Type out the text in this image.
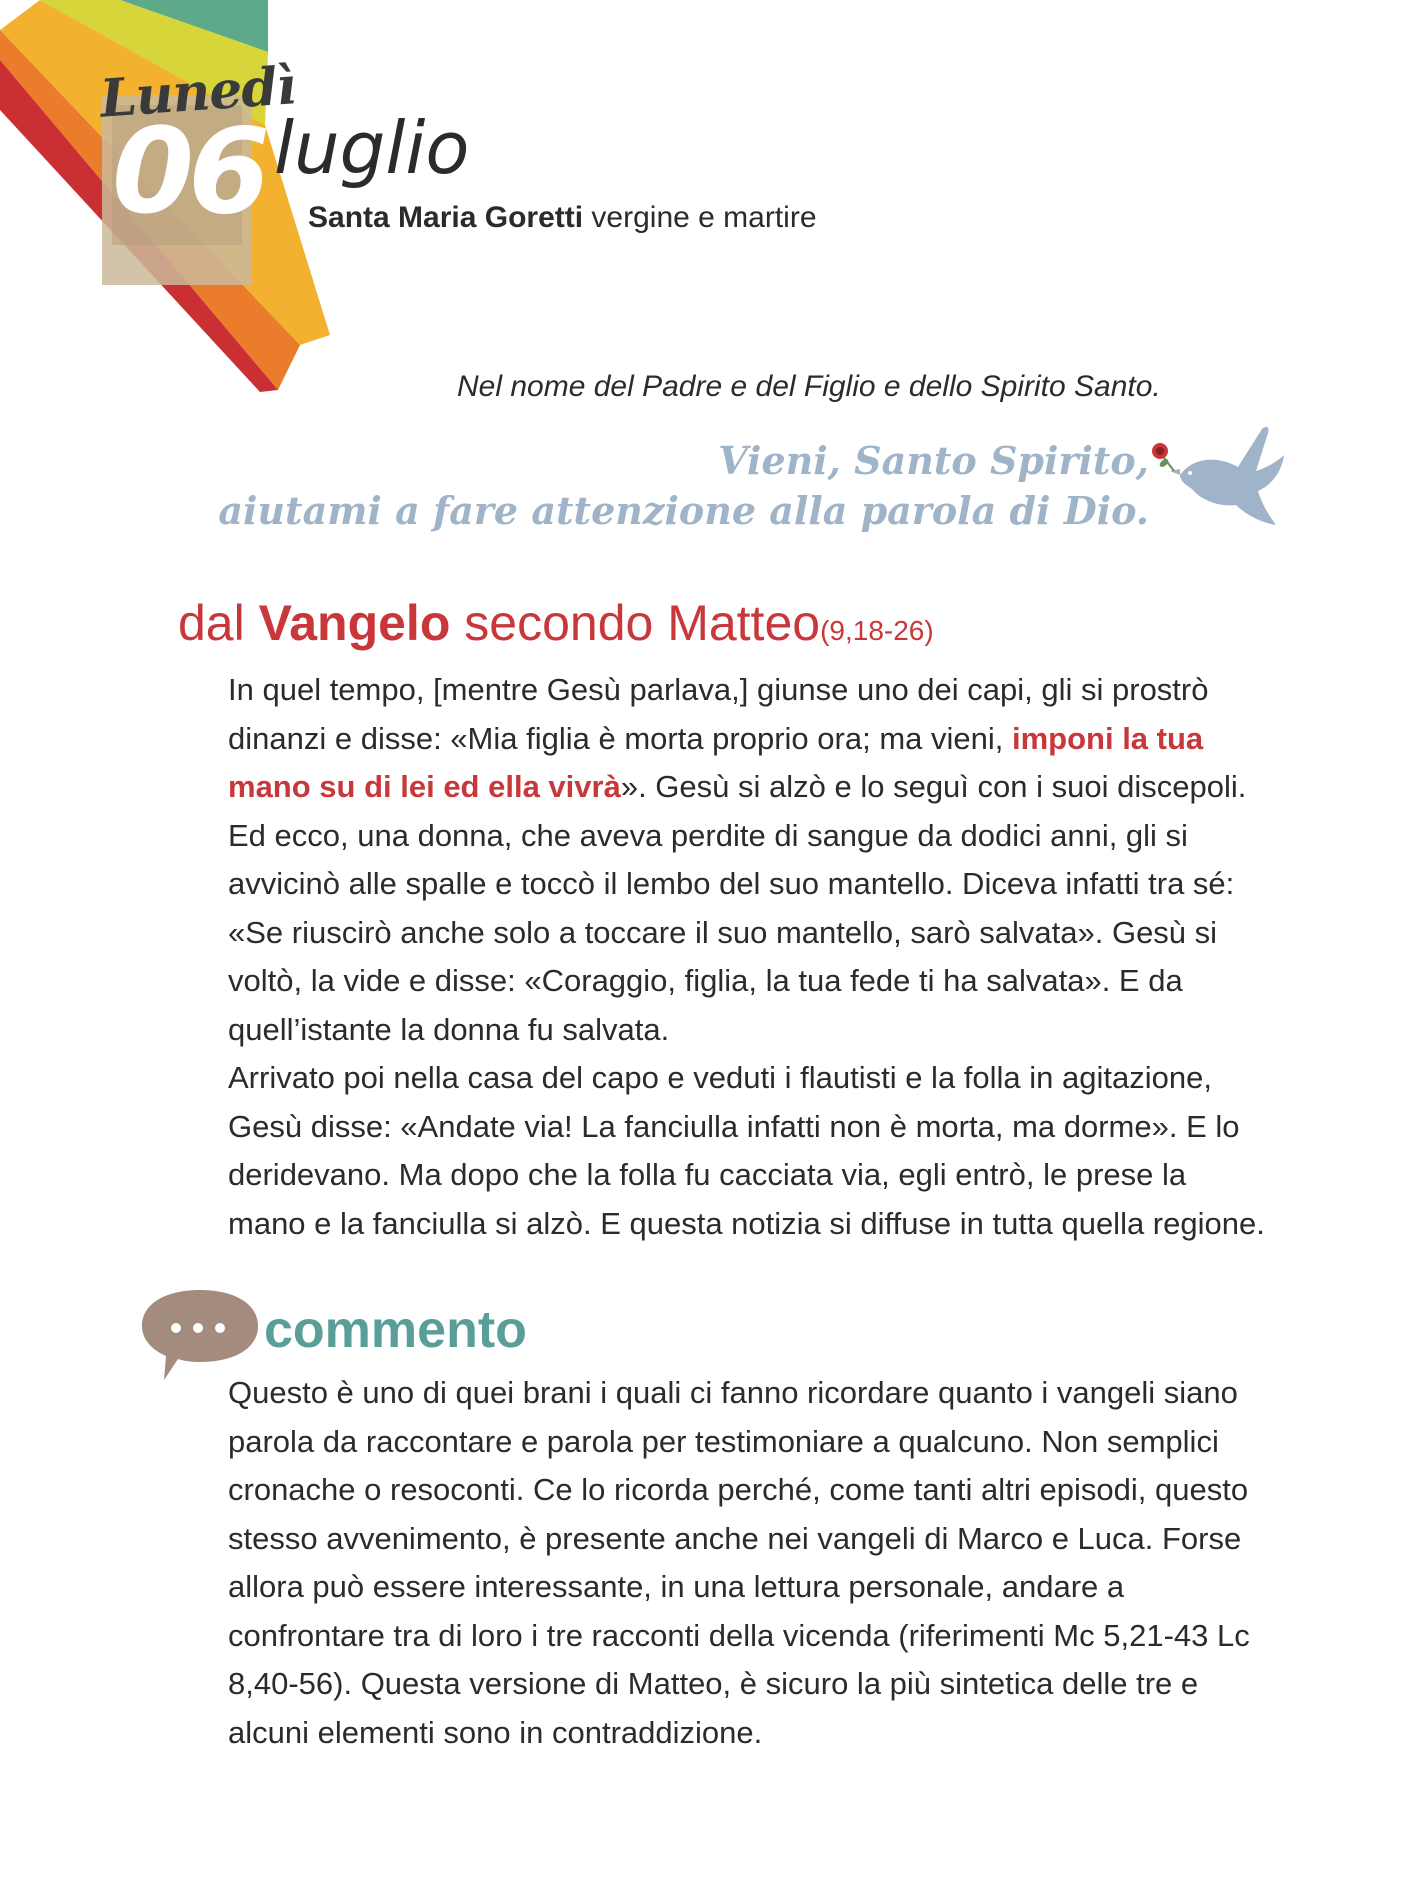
Lunedì
06 luglio
Santa Maria Goretti vergine e martire
Nel nome del Padre e del Figlio e dello Spirito Santo.
Vieni, Santo Spirito,
aiutami a fare attenzione alla parola di Dio.
dal Vangelo secondo Matteo(9,18-26)

In quel tempo, [mentre Gesù parlava,] giunse uno dei capi, gli si prostrò dinanzi e disse: «Mia figlia è morta proprio ora; ma vieni, imponi la tua mano su di lei ed ella vivrà». Gesù si alzò e lo seguì con i suoi discepoli.

Ed ecco, una donna, che aveva perdite di sangue da dodici anni, gli si avvicinò alle spalle e toccò il lembo del suo mantello. Diceva infatti tra sé: «Se riuscirò anche solo a toccare il suo mantello, sarò salvata». Gesù si voltò, la vide e disse: «Coraggio, figlia, la tua fede ti ha salvata». E da quell’istante la donna fu salvata.

Arrivato poi nella casa del capo e veduti i flautisti e la folla in agitazione, Gesù disse: «Andate via! La fanciulla infatti non è morta, ma dorme». E lo deridevano. Ma dopo che la folla fu cacciata via, egli entrò, le prese la mano e la fanciulla si alzò. E questa notizia si diffuse in tutta quella regione.

commento

Questo è uno di quei brani i quali ci fanno ricordare quanto i vangeli siano parola da raccontare e parola per testimoniare a qualcuno. Non semplici cronache o resoconti. Ce lo ricorda perché, come tanti altri episodi, questo stesso avvenimento, è presente anche nei vangeli di Marco e Luca. Forse allora può essere interessante, in una lettura personale, andare a confrontare tra di loro i tre racconti della vicenda (riferimenti Mc 5,21-43 Lc 8,40-56). Questa versione di Matteo, è sicuro la più sintetica delle tre e alcuni elementi sono in contraddizione.
